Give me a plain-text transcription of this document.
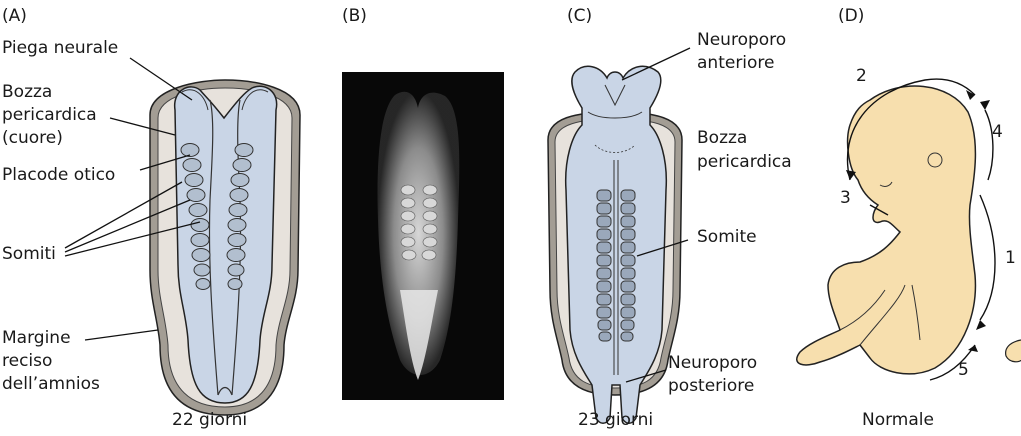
(A)
Piega neurale
Bozza
pericardica
(cuore)
Placode otico
Somiti
Margine
reciso
dell’amnios
22 giorni
(B)	(C)
Neuroporo
anteriore
Bozza
pericardica
Somite
Neuroporo
posteriore
23 giorni
(D)
1
2
3
4
5
Normale
